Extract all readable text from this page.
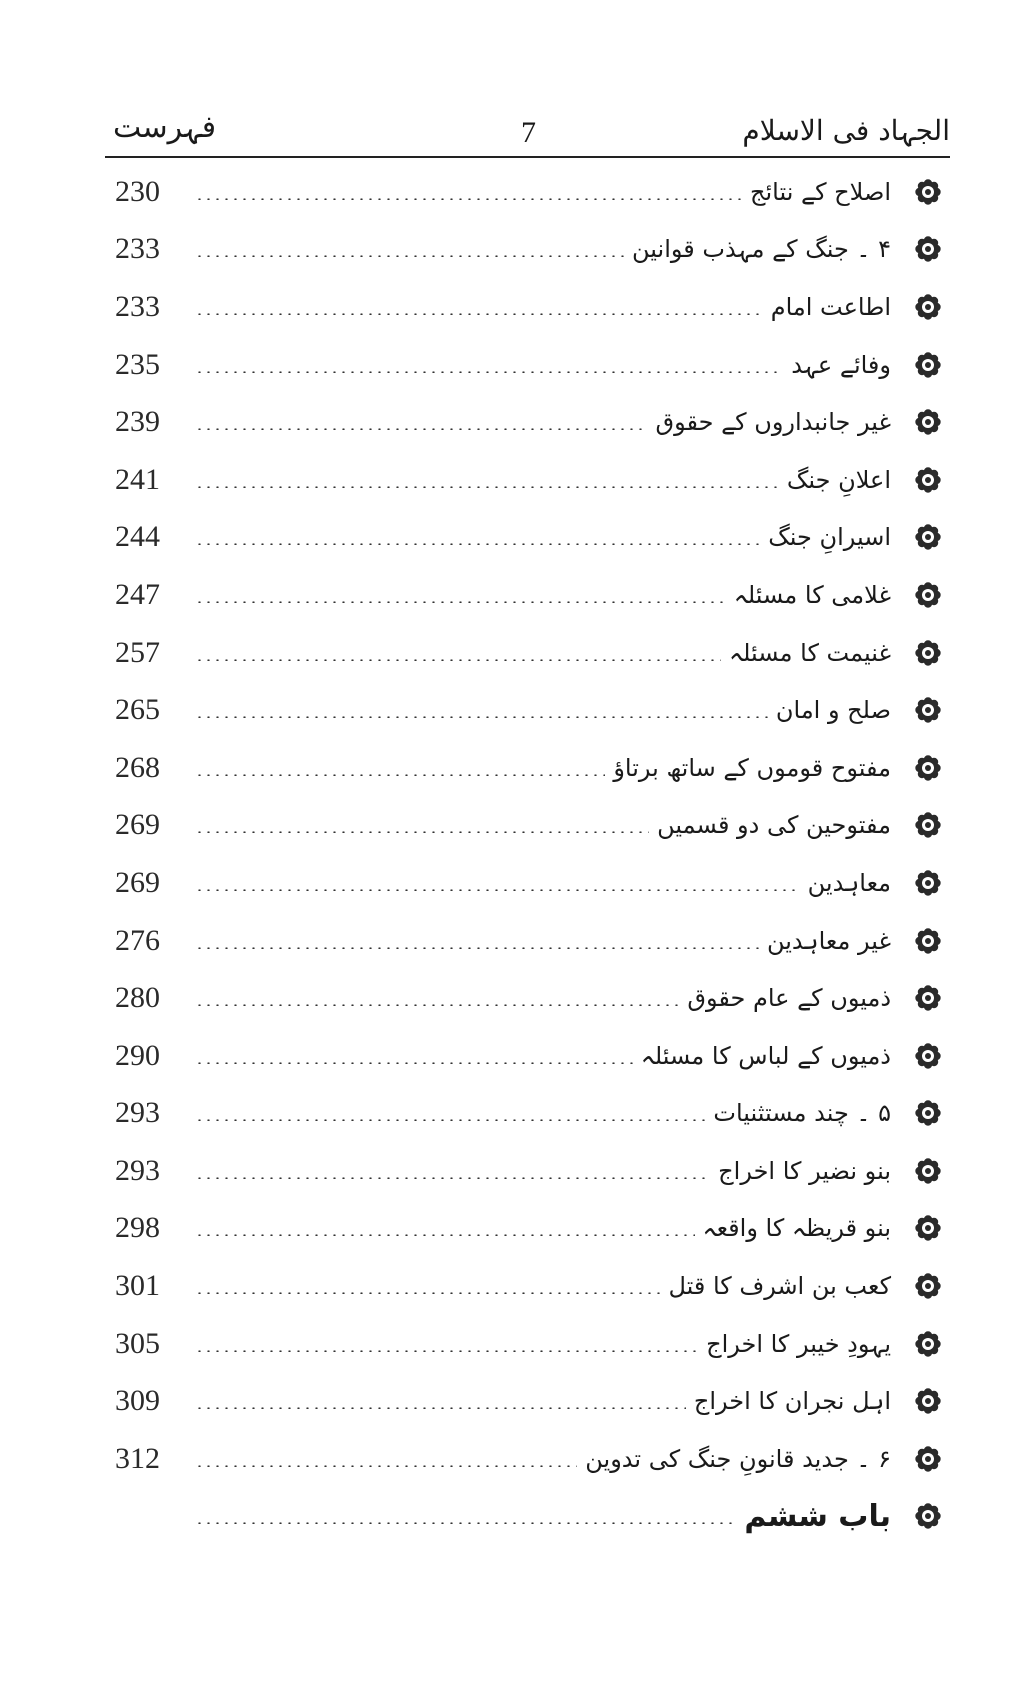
الجہاد فی الاسلام
7
فہرست
230	اصلاح کے نتائج
233	۴ ۔ جنگ کے مہذب قوانین
233	اطاعت امام
235	وفائے عہد
239	غیر جانبداروں کے حقوق
241	اعلانِ جنگ
244	اسیرانِ جنگ
247	غلامی کا مسئلہ
257	غنیمت کا مسئلہ
265	صلح و امان
268	مفتوح قوموں کے ساتھ برتاؤ
269	مفتوحین کی دو قسمیں
269	معاہدین
276	غیر معاہدین
280	ذمیوں کے عام حقوق
290	ذمیوں کے لباس کا مسئلہ
293	۵ ۔ چند مستثنیات
293	بنو نضیر کا اخراج
298	بنو قریظہ کا واقعہ
301	کعب بن اشرف کا قتل
305	یہودِ خیبر کا اخراج
309	اہل نجران کا اخراج
312	۶ ۔ جدید قانونِ جنگ کی تدوین
باب ششم
